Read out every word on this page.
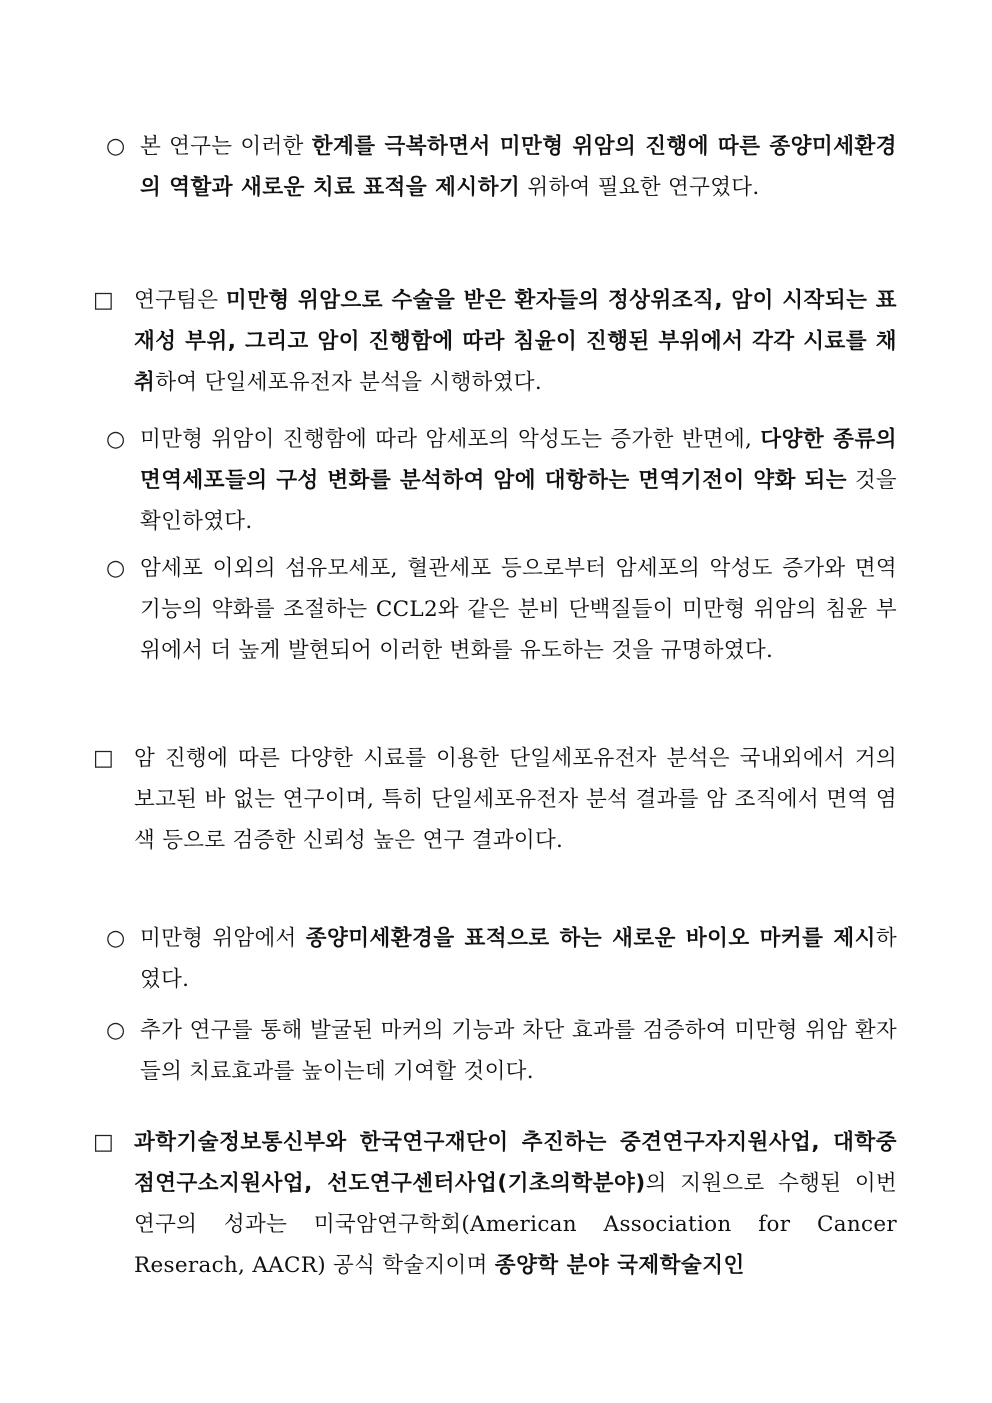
○ 본 연구는 이러한 한계를 극복하면서 미만형 위암의 진행에 따른 종양미세환경의 역할과 새로운 치료 표적을 제시하기 위하여 필요한 연구였다.
□ 연구팀은 미만형 위암으로 수술을 받은 환자들의 정상위조직, 암이 시작되는 표재성 부위, 그리고 암이 진행함에 따라 침윤이 진행된 부위에서 각각 시료를 채취하여 단일세포유전자 분석을 시행하였다.
○ 미만형 위암이 진행함에 따라 암세포의 악성도는 증가한 반면에, 다양한 종류의 면역세포들의 구성 변화를 분석하여 암에 대항하는 면역기전이 약화 되는 것을 확인하였다.
○ 암세포 이외의 섬유모세포, 혈관세포 등으로부터 암세포의 악성도 증가와 면역기능의 약화를 조절하는 CCL2와 같은 분비 단백질들이 미만형 위암의 침윤 부위에서 더 높게 발현되어 이러한 변화를 유도하는 것을 규명하였다.
□ 암 진행에 따른 다양한 시료를 이용한 단일세포유전자 분석은 국내외에서 거의 보고된 바 없는 연구이며, 특히 단일세포유전자 분석 결과를 암 조직에서 면역 염색 등으로 검증한 신뢰성 높은 연구 결과이다.
○ 미만형 위암에서 종양미세환경을 표적으로 하는 새로운 바이오 마커를 제시하였다.
○ 추가 연구를 통해 발굴된 마커의 기능과 차단 효과를 검증하여 미만형 위암 환자들의 치료효과를 높이는데 기여할 것이다.
□ 과학기술정보통신부와 한국연구재단이 추진하는 중견연구자지원사업, 대학중점연구소지원사업, 선도연구센터사업(기초의학분야)의 지원으로 수행된 이번 연구의 성과는 미국암연구학회(American Association for Cancer Reserach, AACR) 공식 학술지이며 종양학 분야 국제학술지인
